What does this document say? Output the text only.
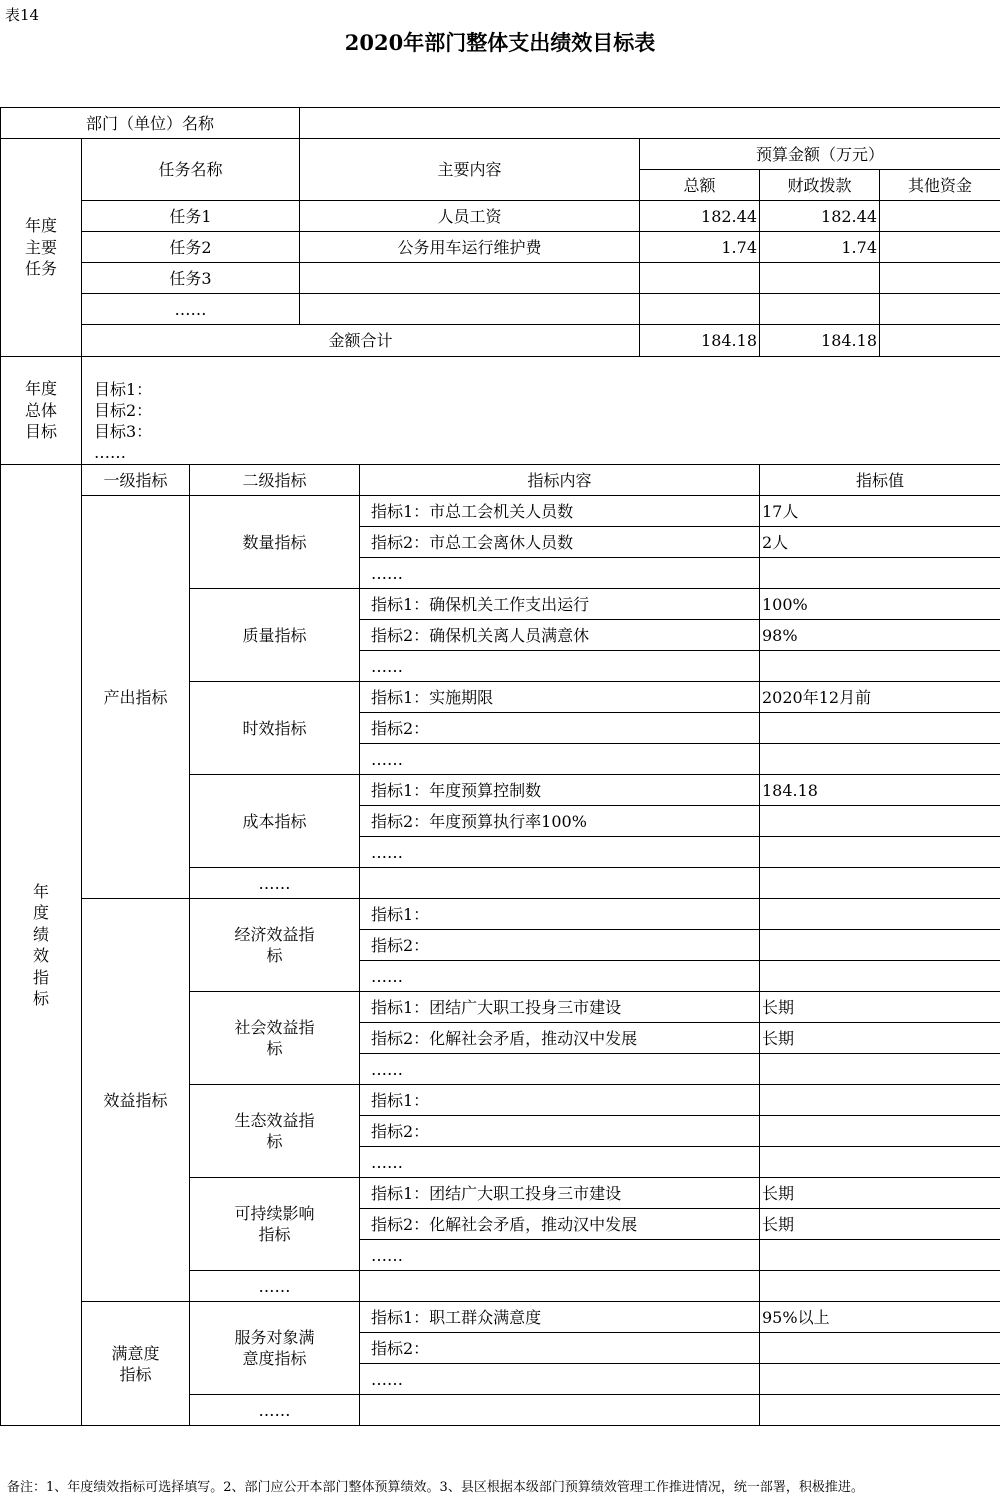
表14
2020年部门整体支出绩效目标表
部门（单位）名称							
年度主要任务	任务名称		主要内容		预算金额（万元）		
					总额	财政拨款	其他资金
	任务1		人员工资		182.44	182.44	
	任务2		公务用车运行维护费		1.74	1.74	
	任务3						
	……						
	金额合计				184.18	184.18	
年度总体目标	目标1：
目标2：
目标3：
……						

年度绩效指标	一级指标	二级指标		指标内容		指标值	
	产出指标	数量指标		指标1：市总工会机关人员数		17人	
				指标2：市总工会离休人员数		2人	
				……			
		质量指标		指标1：确保机关工作支出运行		100%	
				指标2：确保机关离人员满意休		98%	
				……			
		时效指标		指标1：实施期限		2020年12月前	
				指标2：			
				……			
		成本指标		指标1：年度预算控制数		184.18	
				指标2：年度预算执行率100%			
				……			
		……					
	效益指标	经济效益指标		指标1：			
				指标2：			
				……			
		社会效益指标		指标1：团结广大职工投身三市建设		长期	
				指标2：化解社会矛盾，推动汉中发展		长期	
				……			
		生态效益指标		指标1：			
				指标2：			
				……			
		可持续影响指标		指标1：团结广大职工投身三市建设		长期	
				指标2：化解社会矛盾，推动汉中发展		长期	
				……			
		……					
	满意度指标	服务对象满意度指标		指标1：职工群众满意度		95%以上	
				指标2：			
				……			
		……					
备注：1、年度绩效指标可选择填写。2、部门应公开本部门整体预算绩效。3、县区根据本级部门预算绩效管理工作推进情况，统一部署，积极推进。
